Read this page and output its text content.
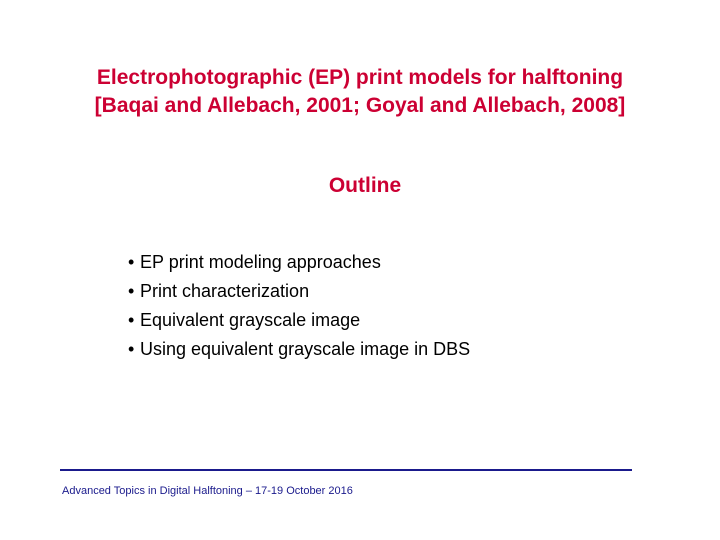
Electrophotographic (EP) print models for halftoning
[Baqai and Allebach, 2001; Goyal and Allebach, 2008]
Outline
• EP print modeling approaches
• Print characterization
• Equivalent grayscale image
• Using equivalent grayscale image in DBS
Advanced Topics in Digital Halftoning – 17-19 October 2016
